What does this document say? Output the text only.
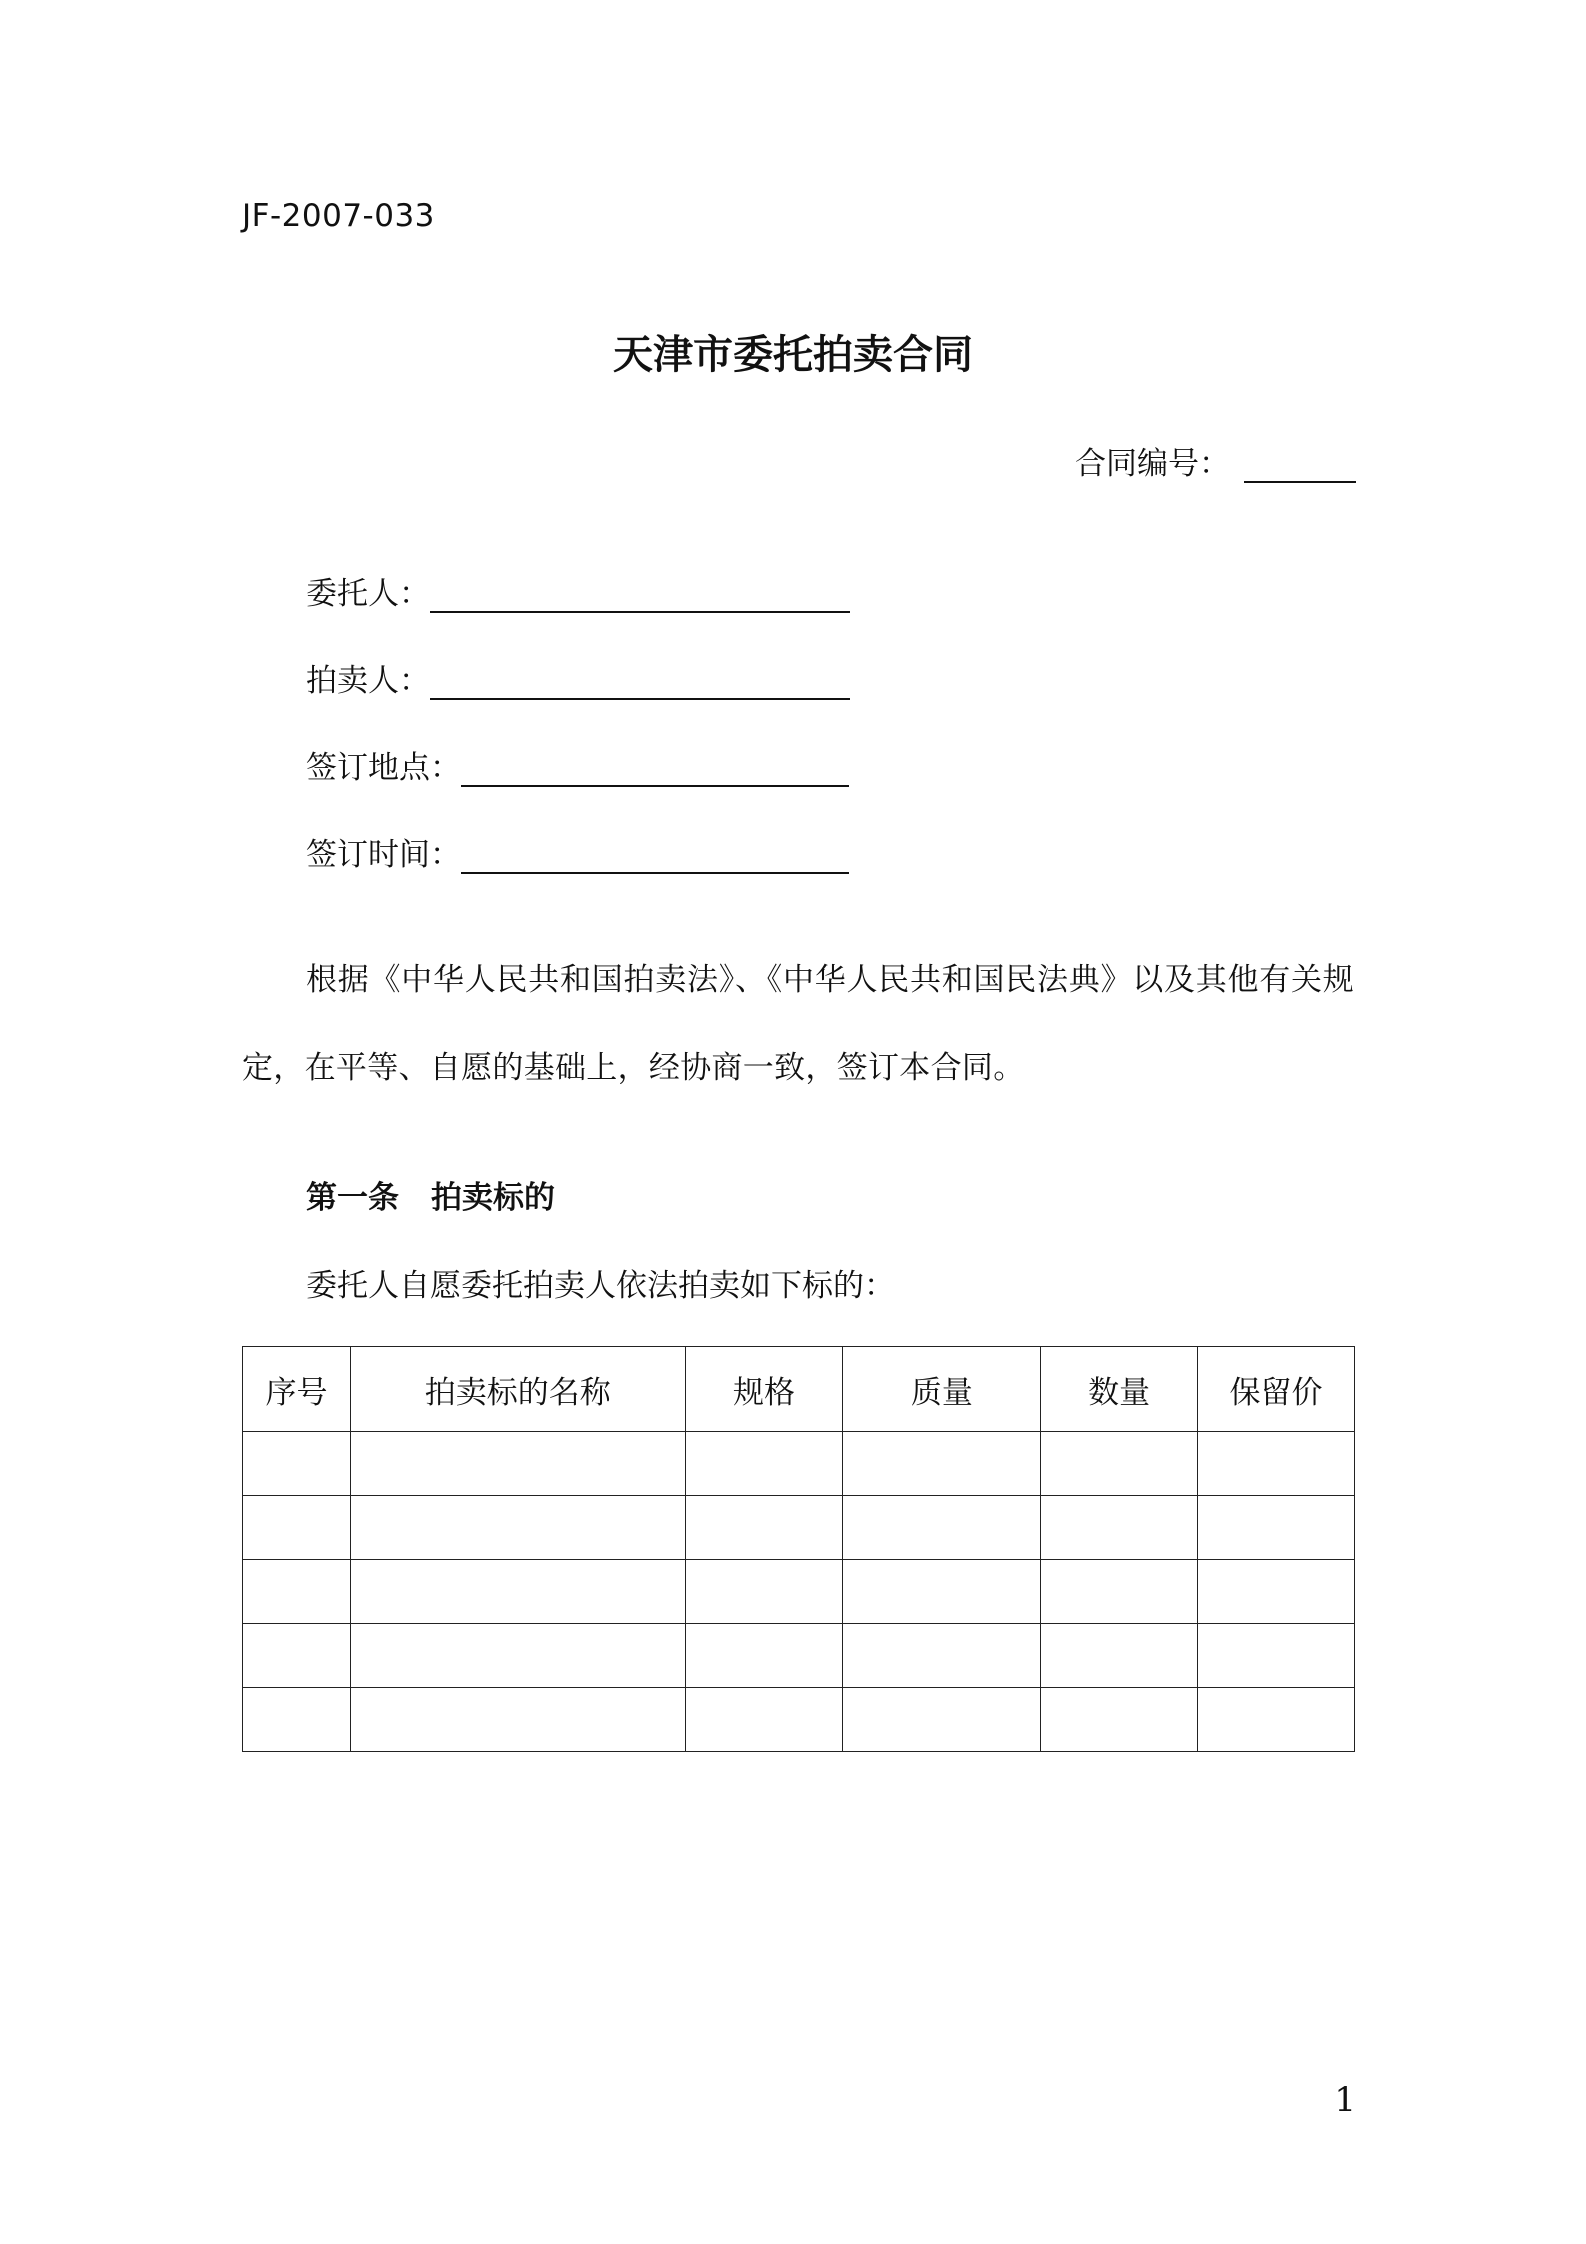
JF-2007-033
天津市委托拍卖合同
合同编号：
委托人：
拍卖人：
签订地点：
签订时间：
根据《中华人民共和国拍卖法》、《中华人民共和国民法典》以及其他有关规定，在平等、自愿的基础上，经协商一致，签订本合同。
第一条 拍卖标的
委托人自愿委托拍卖人依法拍卖如下标的：
序号	拍卖标的名称	规格	质量	数量	保留价

1
